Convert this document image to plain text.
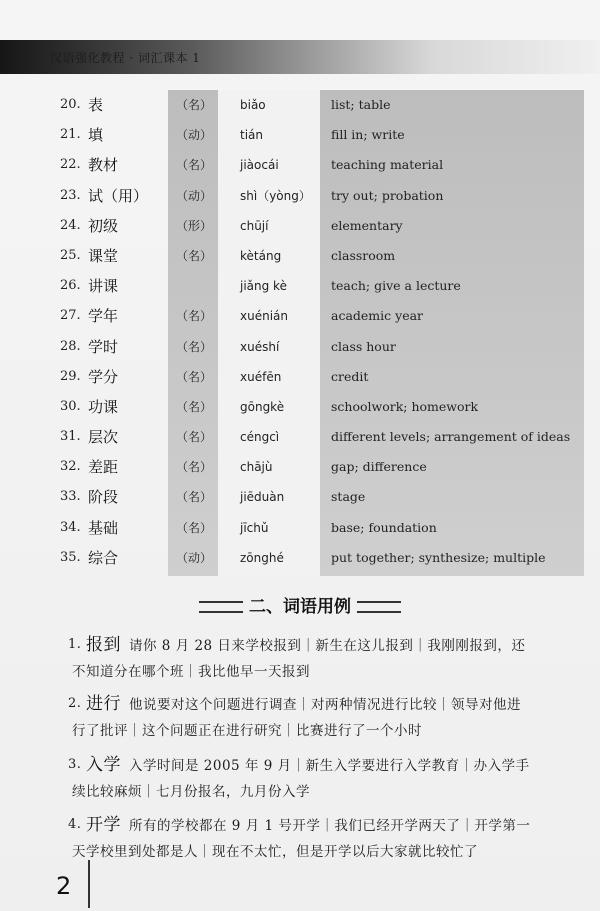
汉语强化教程 · 词汇课本 1
20. 表	（名） biǎo	list; table
21. 填	（动） tián	fill in; write
22. 教材	（名） jiàocái	teaching material
23. 试（用） （动） shì（yòng） try out; probation
24. 初级	（形） chūjí	elementary
25. 课堂	（名） kètáng	classroom
26. 讲课	jiǎng kè	teach; give a lecture
27. 学年	（名） xuénián	academic year
28. 学时	（名） xuéshí	class hour
29. 学分	（名） xuéfēn	credit
30. 功课	（名） gōngkè	schoolwork; homework
31. 层次	（名） céngcì	different levels; arrangement of ideas
32. 差距	（名） chājù	gap; difference
33. 阶段	（名） jiēduàn	stage
34. 基础	（名） jīchǔ	base; foundation
35. 综合	（动） zōnghé	put together; synthesize; multiple
二、词语用例
1. 报到 请你 8 月 28 日来学校报到｜新生在这儿报到｜我刚刚报到，还
不知道分在哪个班｜我比他早一天报到
2. 进行 他说要对这个问题进行调查｜对两种情况进行比较｜领导对他进
行了批评｜这个问题正在进行研究｜比赛进行了一个小时
3. 入学 入学时间是 2005 年 9 月｜新生入学要进行入学教育｜办入学手
续比较麻烦｜七月份报名，九月份入学
4. 开学 所有的学校都在 9 月 1 号开学｜我们已经开学两天了｜开学第一
天学校里到处都是人｜现在不太忙，但是开学以后大家就比较忙了
2
